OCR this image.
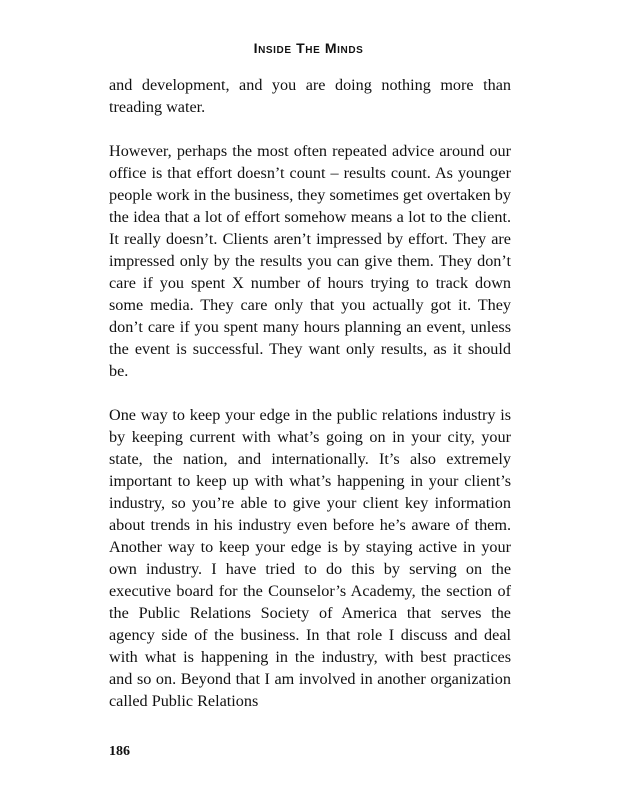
Inside The Minds

and development, and you are doing nothing more than treading water.

However, perhaps the most often repeated advice around our office is that effort doesn’t count – results count. As younger people work in the business, they sometimes get overtaken by the idea that a lot of effort somehow means a lot to the client. It really doesn’t. Clients aren’t impressed by effort. They are impressed only by the results you can give them. They don’t care if you spent X number of hours trying to track down some media. They care only that you actually got it. They don’t care if you spent many hours planning an event, unless the event is successful. They want only results, as it should be.

One way to keep your edge in the public relations industry is by keeping current with what’s going on in your city, your state, the nation, and internationally. It’s also extremely important to keep up with what’s happening in your client’s industry, so you’re able to give your client key information about trends in his industry even before he’s aware of them. Another way to keep your edge is by staying active in your own industry. I have tried to do this by serving on the executive board for the Counselor’s Academy, the section of the Public Relations Society of America that serves the agency side of the business. In that role I discuss and deal with what is happening in the industry, with best practices and so on. Beyond that I am involved in another organization called Public Relations

186
